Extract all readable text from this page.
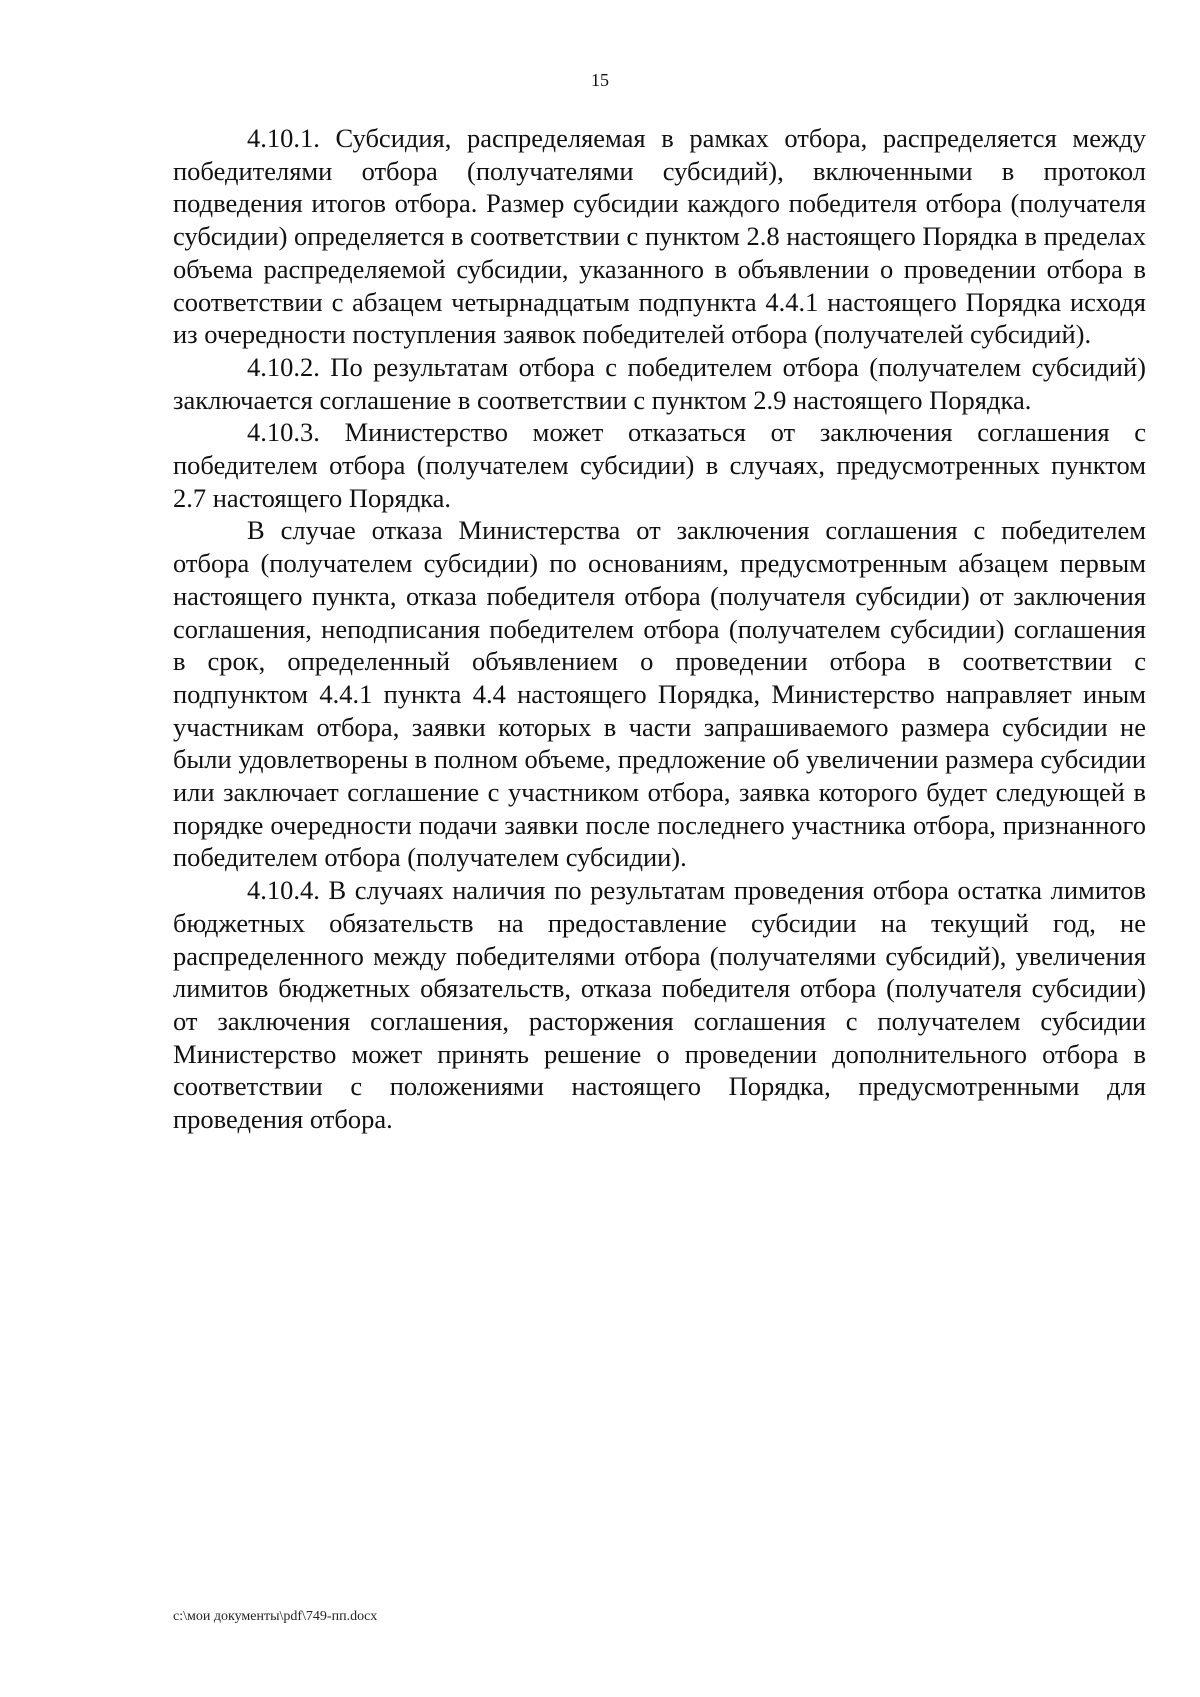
15

4.10.1. Субсидия, распределяемая в рамках отбора, распределяется между победителями отбора (получателями субсидий), включенными в протокол подведения итогов отбора. Размер субсидии каждого победителя отбора (получателя субсидии) определяется в соответствии с пунктом 2.8 настоящего Порядка в пределах объема распределяемой субсидии, указанного в объявлении о проведении отбора в соответствии с абзацем четырнадцатым подпункта 4.4.1 настоящего Порядка исходя из очередности поступления заявок победителей отбора (получателей субсидий).

4.10.2. По результатам отбора с победителем отбора (получателем субсидий) заключается соглашение в соответствии с пунктом 2.9 настоящего Порядка.

4.10.3. Министерство может отказаться от заключения соглашения с победителем отбора (получателем субсидии) в случаях, предусмотренных пунктом 2.7 настоящего Порядка.

В случае отказа Министерства от заключения соглашения с победителем отбора (получателем субсидии) по основаниям, предусмотренным абзацем первым настоящего пункта, отказа победителя отбора (получателя субсидии) от заключения соглашения, неподписания победителем отбора (получателем субсидии) соглашения в срок, определенный объявлением о проведении отбора в соответствии с подпунктом 4.4.1 пункта 4.4 настоящего Порядка, Министерство направляет иным участникам отбора, заявки которых в части запрашиваемого размера субсидии не были удовлетворены в полном объеме, предложение об увеличении размера субсидии или заключает соглашение с участником отбора, заявка которого будет следующей в порядке очередности подачи заявки после последнего участника отбора, признанного победителем отбора (получателем субсидии).

4.10.4. В случаях наличия по результатам проведения отбора остатка лимитов бюджетных обязательств на предоставление субсидии на текущий год, не распределенного между победителями отбора (получателями субсидий), увеличения лимитов бюджетных обязательств, отказа победителя отбора (получателя субсидии) от заключения соглашения, расторжения соглашения с получателем субсидии Министерство может принять решение о проведении дополнительного отбора в соответствии с положениями настоящего Порядка, предусмотренными для проведения отбора.

c:\мои документы\pdf\749-пп.docx
